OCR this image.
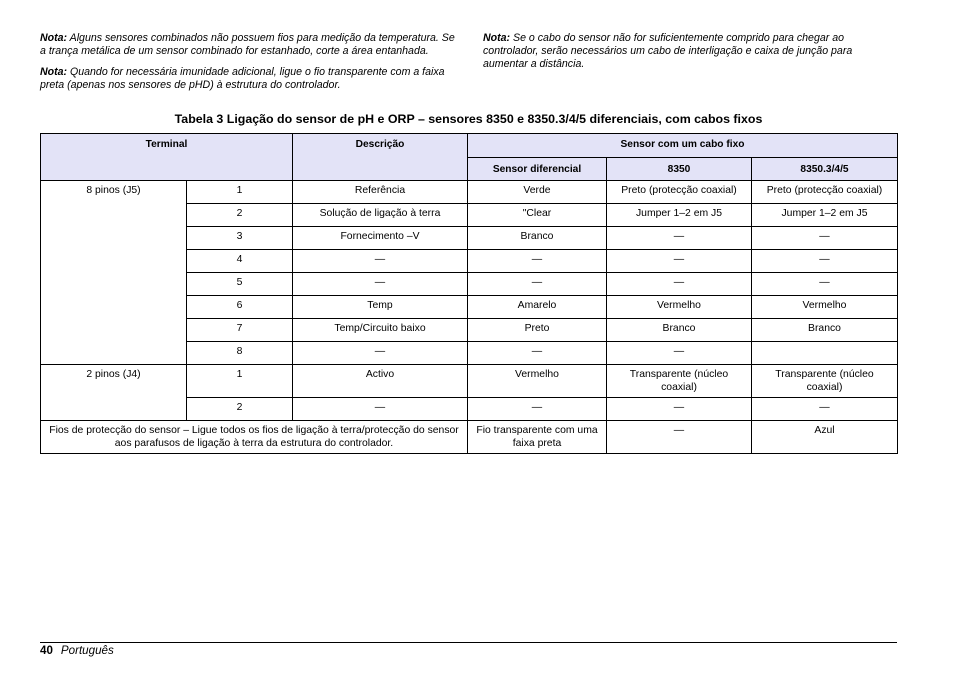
Nota: Alguns sensores combinados não possuem fios para medição da temperatura. Se a trança metálica de um sensor combinado for estanhado, corte a área entanhada.

Nota: Quando for necessária imunidade adicional, ligue o fio transparente com a faixa preta (apenas nos sensores de pHD) à estrutura do controlador.

Nota: Se o cabo do sensor não for suficientemente comprido para chegar ao controlador, serão necessários um cabo de interligação e caixa de junção para aumentar a distância.

Tabela 3 Ligação do sensor de pH e ORP – sensores 8350 e 8350.3/4/5 diferenciais, com cabos fixos
Terminal		Descrição	Sensor com um cabo fixo		
			Sensor diferencial	8350	8350.3/4/5
8 pinos (J5)	1	Referência	Verde	Preto (protecção coaxial)	Preto (protecção coaxial)
	2	Solução de ligação à terra	"Clear	Jumper 1–2 em J5	Jumper 1–2 em J5
	3	Fornecimento –V	Branco	—	—
	4	—	—	—	—
	5	—	—	—	—
	6	Temp	Amarelo	Vermelho	Vermelho
	7	Temp/Circuito baixo	Preto	Branco	Branco
	8	—	—	—	
2 pinos (J4)	1	Activo	Vermelho	Transparente (núcleo coaxial)	Transparente (núcleo coaxial)
	2	—	—	—	—
Fios de protecção do sensor – Ligue todos os fios de ligação à terra/protecção do sensor aos parafusos de ligação à terra da estrutura do controlador.			Fio transparente com uma faixa preta	—	Azul
40 Português
